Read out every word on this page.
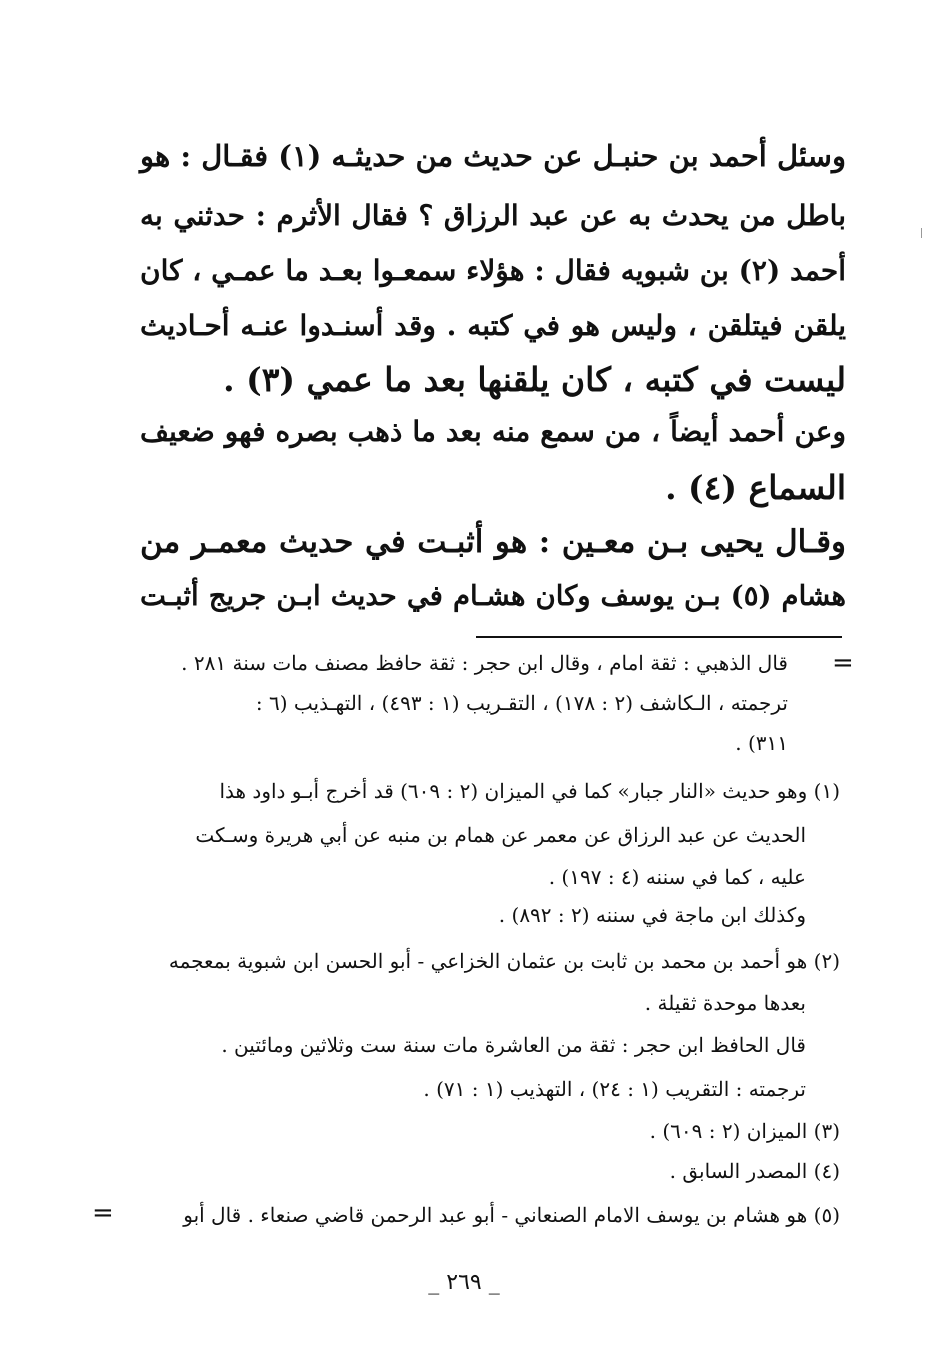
وسئل أحمد بن حنبـل عن حديث من حديثـه (١) فقـال : هو
باطل من يحدث به عن عبد الرزاق ؟ فقال الأثرم : حدثني به
أحمد (٢) بن شبويه فقال : هؤلاء سمعـوا بعـد ما عمـي ، كان
يلقن فيتلقن ، وليس هو في كتبه . وقد أسنـدوا عنـه أحـاديث
ليست في كتبه ، كان يلقنها بعد ما عمي (٣) .
وعن أحمد أيضاً ، من سمع منه بعد ما ذهب بصره فهو ضعيف
السماع (٤) .
وقـال يحيى بـن معـين : هو أثبـت في حديث معمـر من
هشام (٥) بـن يوسف وكان هشـام في حديث ابـن جريج أثبـت
قال الذهبي : ثقة امام ، وقال ابن حجر : ثقة حافظ مصنف مات سنة ٢٨١ .
ترجمته ، الـكاشف (٢ : ١٧٨) ، التقـريب (١ : ٤٩٣) ، التهـذيب (٦ :
٣١١) .
(١) وهو حديث «النار جبار» كما في الميزان (٢ : ٦٠٩) قد أخرج أبـو داود هذا
الحديث عن عبد الرزاق عن معمر عن همام بن منبه عن أبي هريرة وسـكت
عليه ، كما في سننه (٤ : ١٩٧) .
وكذلك ابن ماجة في سننه (٢ : ٨٩٢) .
(٢) هو أحمد بن محمد بن ثابت بن عثمان الخزاعي - أبو الحسن ابن شبوية بمعجمه
بعدها موحدة ثقيلة .
قال الحافظ ابن حجر : ثقة من العاشرة مات سنة ست وثلاثين ومائتين .
ترجمته : التقريب (١ : ٢٤) ، التهذيب (١ : ٧١) .
(٣) الميزان (٢ : ٦٠٩) .
(٤) المصدر السابق .
(٥) هو هشام بن يوسف الامام الصنعاني - أبو عبد الرحمن قاضي صنعاء . قال أبو
=
=
_ ٢٦٩ _
